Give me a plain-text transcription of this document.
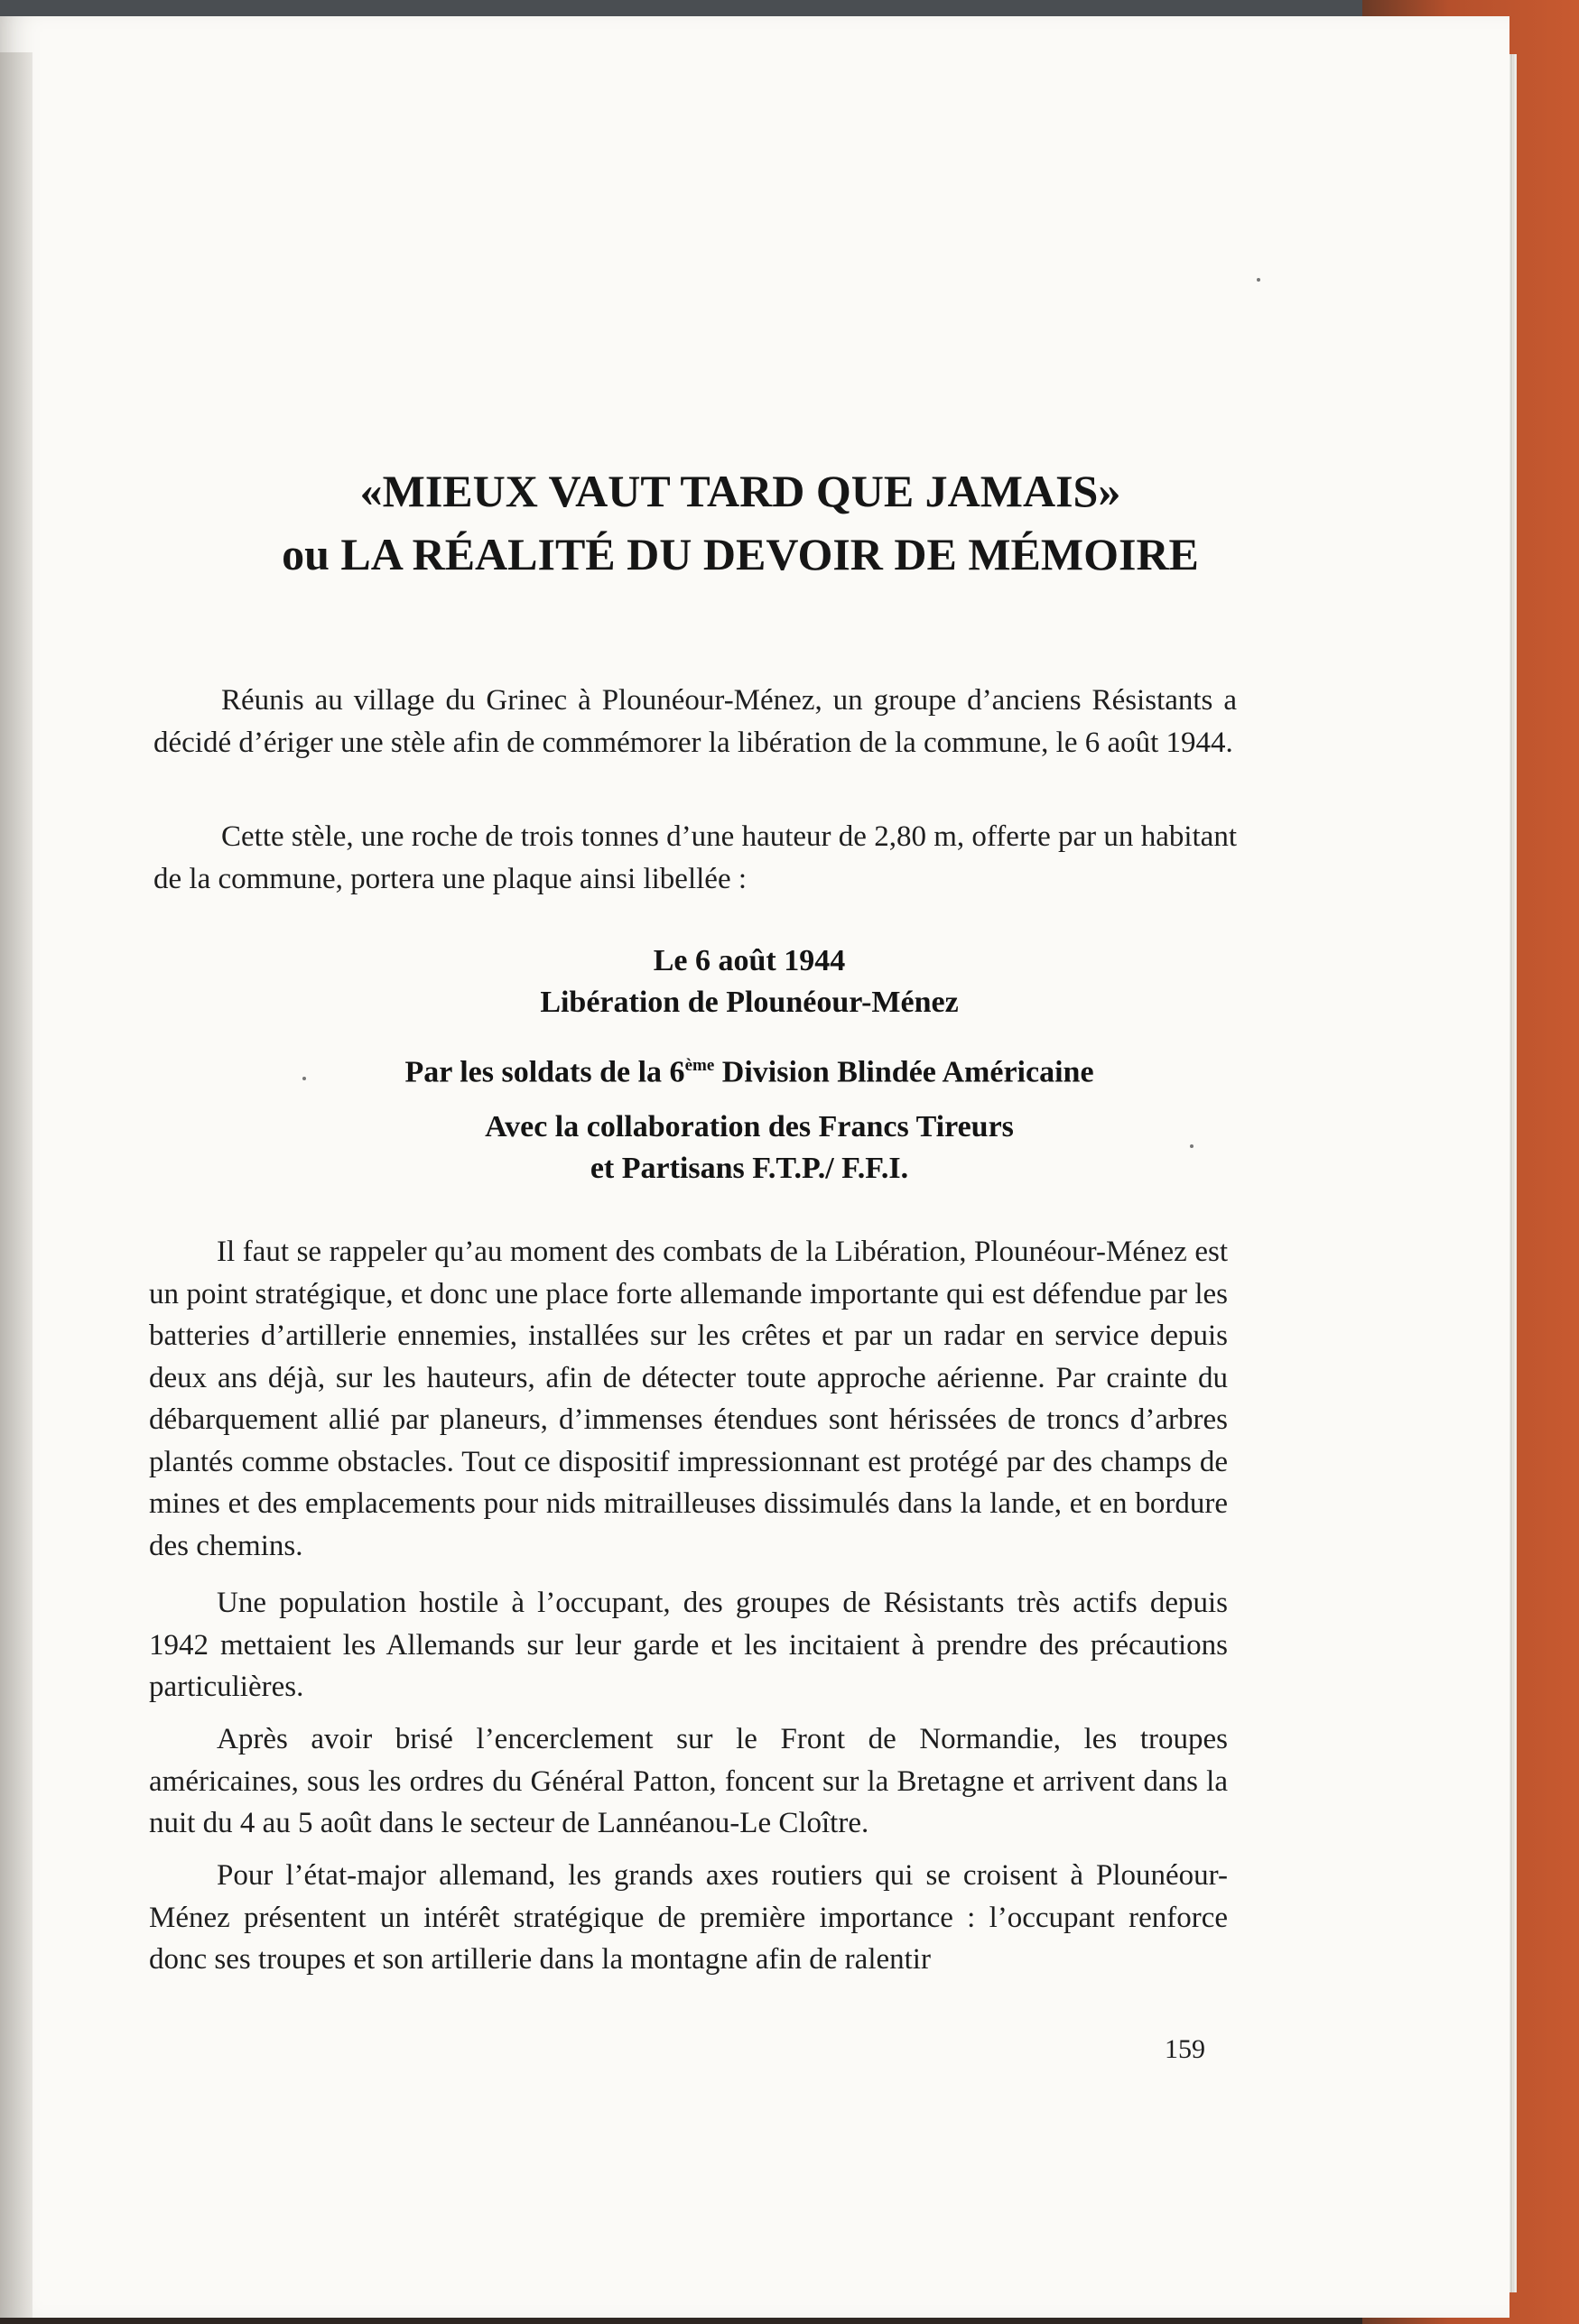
«MIEUX VAUT TARD QUE JAMAIS»
ou LA RÉALITÉ DU DEVOIR DE MÉMOIRE

Réunis au village du Grinec à Plounéour-Ménez, un groupe d’anciens Résistants a décidé d’ériger une stèle afin de commémorer la libération de la commune, le 6 août 1944.

Cette stèle, une roche de trois tonnes d’une hauteur de 2,80 m, offerte par un habitant de la commune, portera une plaque ainsi libellée :

Le 6 août 1944

Libération de Plounéour-Ménez

Par les soldats de la 6ème Division Blindée Américaine

Avec la collaboration des Francs Tireurs

et Partisans F.T.P./ F.F.I.

Il faut se rappeler qu’au moment des combats de la Libération, Plounéour-Ménez est un point stratégique, et donc une place forte allemande importante qui est défendue par les batteries d’artillerie ennemies, installées sur les crêtes et par un radar en service depuis deux ans déjà, sur les hauteurs, afin de détecter toute approche aérienne. Par crainte du débarquement allié par planeurs, d’immenses étendues sont hérissées de troncs d’arbres plantés comme obstacles. Tout ce dispositif impressionnant est protégé par des champs de mines et des emplacements pour nids mitrailleuses dissimulés dans la lande, et en bordure des chemins.

Une population hostile à l’occupant, des groupes de Résistants très actifs depuis 1942 mettaient les Allemands sur leur garde et les incitaient à prendre des précautions particulières.

Après avoir brisé l’encerclement sur le Front de Normandie, les troupes américaines, sous les ordres du Général Patton, foncent sur la Bretagne et arrivent dans la nuit du 4 au 5 août dans le secteur de Lannéanou-Le Cloître.

Pour l’état-major allemand, les grands axes routiers qui se croisent à Plounéour-Ménez présentent un intérêt stratégique de première importance : l’occupant renforce donc ses troupes et son artillerie dans la montagne afin de ralentir

159
